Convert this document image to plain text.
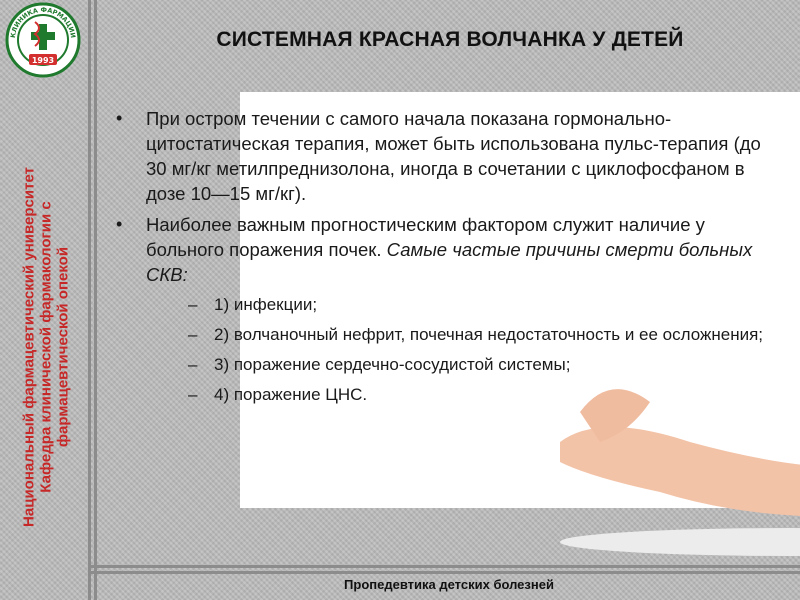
КЛИНИКА ФАРМАЦИИ
1993
Национальный фармацевтический университет Кафедра клинической фармакологии с фармацевтической опекой
СИСТЕМНАЯ КРАСНАЯ ВОЛЧАНКА У ДЕТЕЙ
• При остром течении с самого начала показана гормонально-цитостатическая терапия, может быть использована пульс-терапия (до 30 мг/кг метилпреднизолона, иногда в сочетании с циклофосфаном в дозе 10—15 мг/кг).
• Наиболее важным прогностическим фактором служит наличие у больного поражения почек. Самые частые причины смерти больных СКВ:
– 1) инфекции;
– 2) волчаночный нефрит, почечная недостаточность и ее осложнения;
– 3) поражение сердечно-сосудистой системы;
– 4) поражение ЦНС.
Пропедевтика детских болезней
